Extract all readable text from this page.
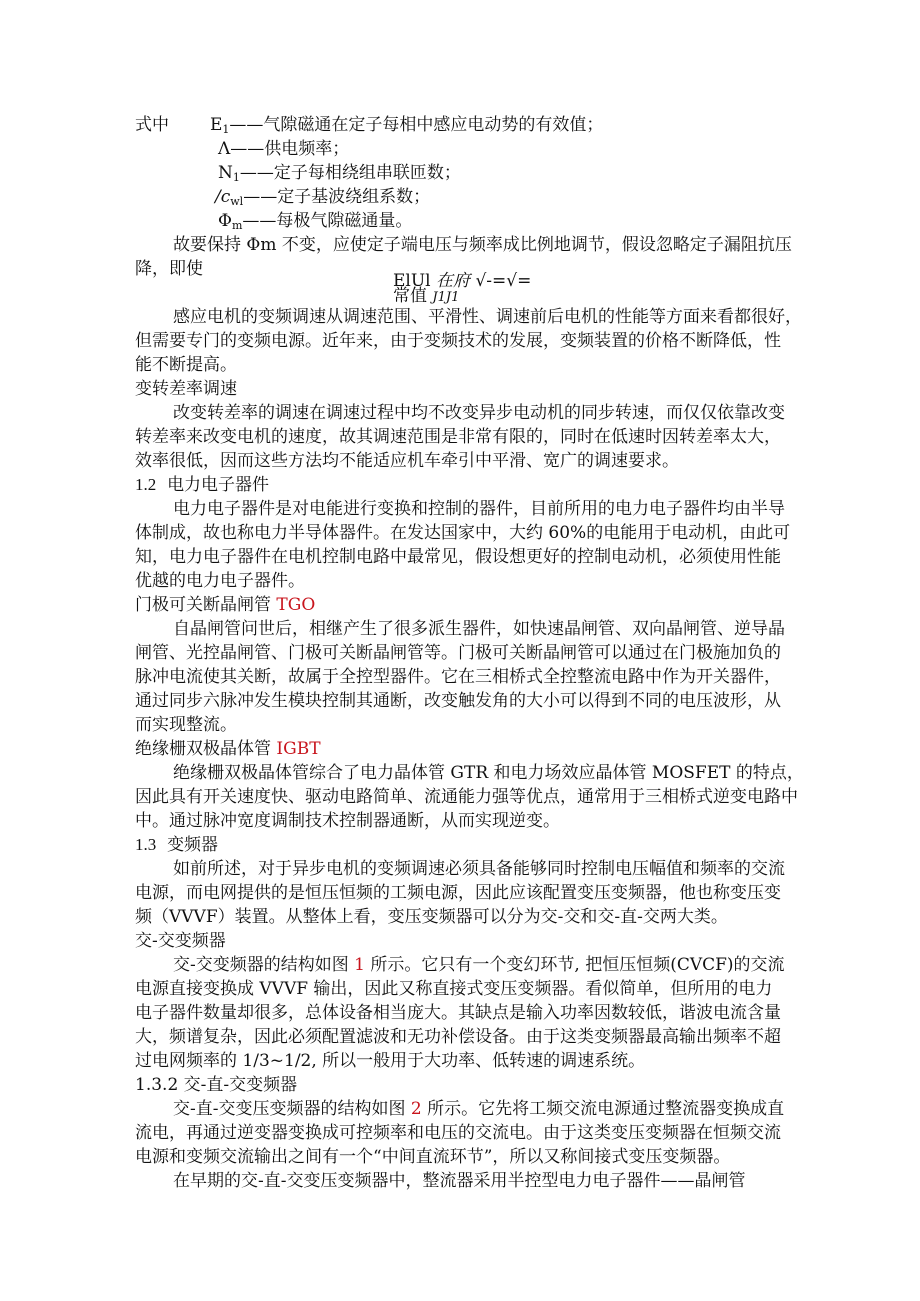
式中 $E_1——$气隙磁通在定子每相中感应电动势的有效值；
Λ——供电频率；
$N_1——$定子每相绕组串联匝数；
$/c_{wl}——$定子基波绕组系数；
$\Phi_m——$每极气隙磁通量。
故要保持 Φm 不变，应使定子端电压与频率成比例地调节，假设忽略定子漏阻抗压
降，即使
ElUl 在府 √-=√=
常值 J1J1
感应电机的变频调速从调速范围、平滑性、调速前后电机的性能等方面来看都很好，
但需要专门的变频电源。近年来，由于变频技术的发展，变频装置的价格不断降低，性
能不断提高。
变转差率调速
改变转差率的调速在调速过程中均不改变异步电动机的同步转速，而仅仅依靠改变
转差率来改变电机的速度，故其调速范围是非常有限的，同时在低速时因转差率太大，
效率很低，因而这些方法均不能适应机车牵引中平滑、宽广的调速要求。
1.2 电力电子器件
电力电子器件是对电能进行变换和控制的器件，目前所用的电力电子器件均由半导
体制成，故也称电力半导体器件。在发达国家中，大约 60%的电能用于电动机，由此可
知，电力电子器件在电机控制电路中最常见，假设想更好的控制电动机，必须使用性能
优越的电力电子器件。
门极可关断晶闸管 TGO
自晶闸管问世后，相继产生了很多派生器件，如快速晶闸管、双向晶闸管、逆导晶
闸管、光控晶闸管、门极可关断晶闸管等。门极可关断晶闸管可以通过在门极施加负的
脉冲电流使其关断，故属于全控型器件。它在三相桥式全控整流电路中作为开关器件，
通过同步六脉冲发生模块控制其通断，改变触发角的大小可以得到不同的电压波形，从
而实现整流。
绝缘栅双极晶体管 IGBT
绝缘栅双极晶体管综合了电力晶体管 GTR 和电力场效应晶体管 MOSFET 的特点，
因此具有开关速度快、驱动电路简单、流通能力强等优点，通常用于三相桥式逆变电路中
中。通过脉冲宽度调制技术控制器通断，从而实现逆变。
1.3 变频器
如前所述，对于异步电机的变频调速必须具备能够同时控制电压幅值和频率的交流
电源，而电网提供的是恒压恒频的工频电源，因此应该配置变压变频器，他也称变压变
频（VVVF）装置。从整体上看，变压变频器可以分为交-交和交-直-交两大类。
交-交变频器
交-交变频器的结构如图 1 所示。它只有一个变幻环节, 把恒压恒频(CVCF)的交流
电源直接变换成 VVVF 输出，因此又称直接式变压变频器。看似简单，但所用的电力
电子器件数量却很多，总体设备相当庞大。其缺点是输入功率因数较低，谐波电流含量
大，频谱复杂，因此必须配置滤波和无功补偿设备。由于这类变频器最高输出频率不超
过电网频率的 1/3~1/2, 所以一般用于大功率、低转速的调速系统。
1.3.2 交-直-交变频器
交-直-交变压变频器的结构如图 2 所示。它先将工频交流电源通过整流器变换成直
流电，再通过逆变器变换成可控频率和电压的交流电。由于这类变压变频器在恒频交流
电源和变频交流输出之间有一个“中间直流环节”，所以又称间接式变压变频器。
在早期的交-直-交变压变频器中，整流器采用半控型电力电子器件——晶闸管
